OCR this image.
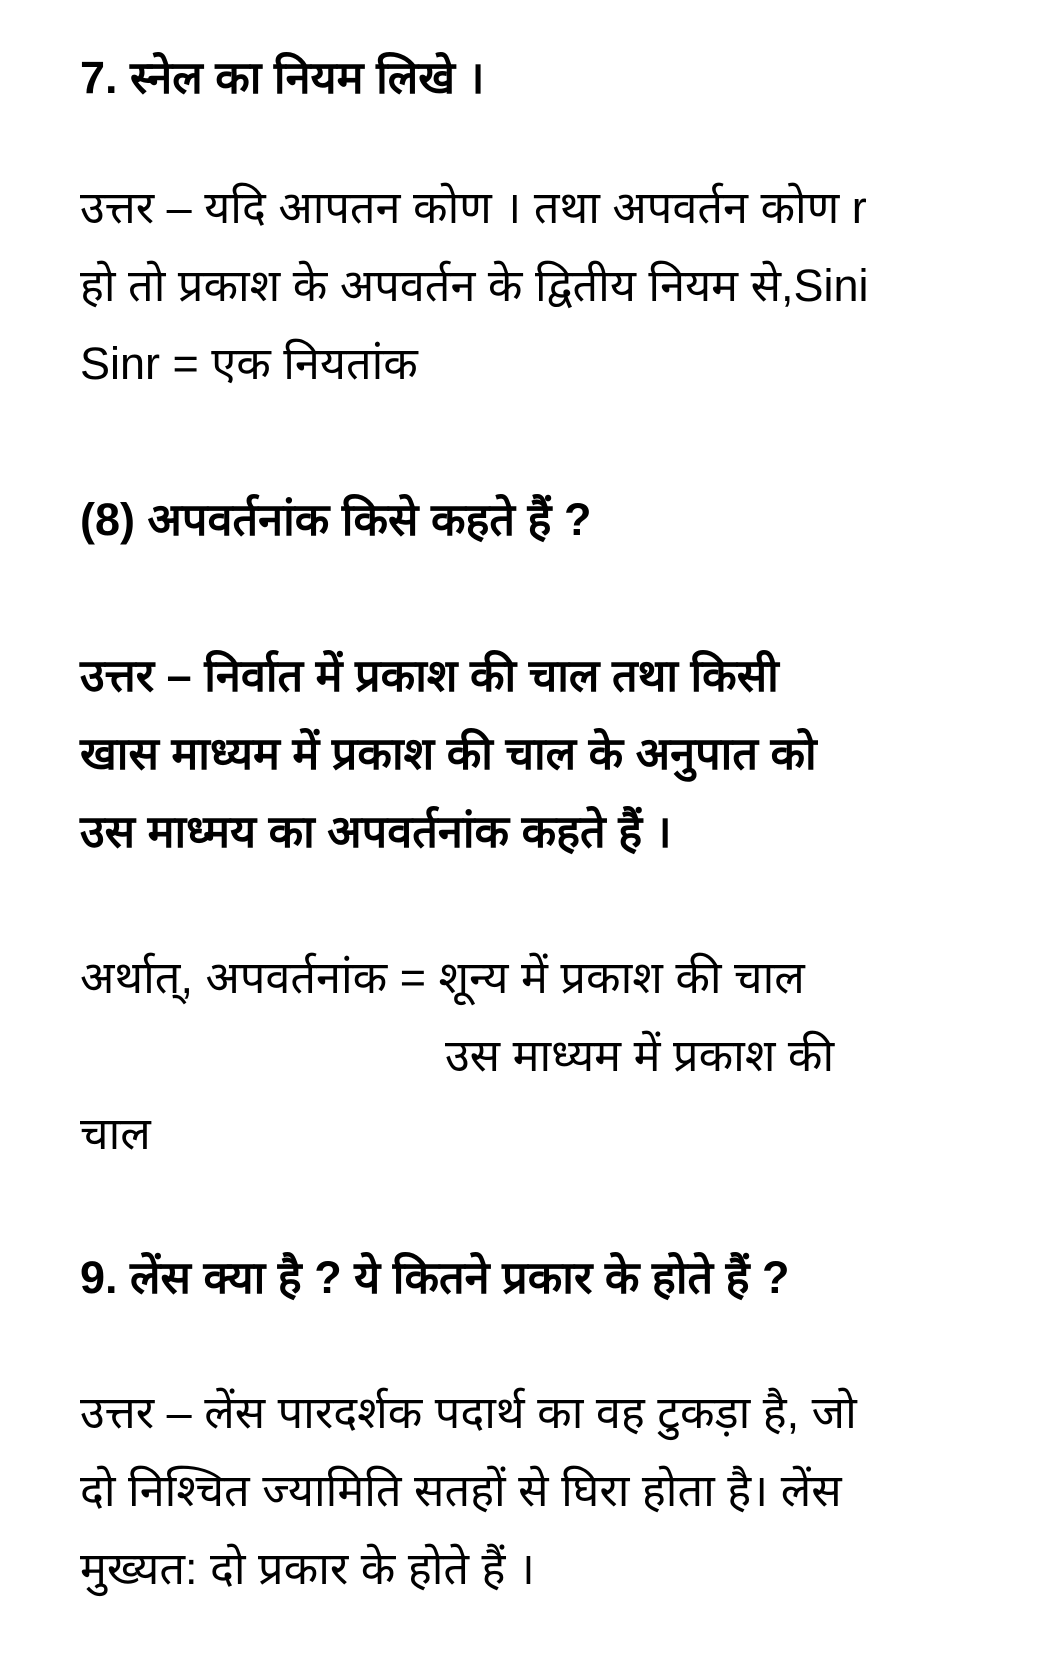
7. स्नेल का नियम लिखे ।
उत्तर – यदि आपतन कोण । तथा अपवर्तन कोण r
हो तो प्रकाश के अपवर्तन के द्वितीय नियम से,Sini
Sinr = एक नियतांक
(8) अपवर्तनांक किसे कहते हैं ?
उत्तर – निर्वात में प्रकाश की चाल तथा किसी
खास माध्यम में प्रकाश की चाल के अनुपात को
उस माध्मय का अपवर्तनांक कहते हैं ।
अर्थात्, अपवर्तनांक = शून्य में प्रकाश की चाल
उस माध्यम में प्रकाश की
चाल
9. लेंस क्या है ? ये कितने प्रकार के होते हैं ?
उत्तर – लेंस पारदर्शक पदार्थ का वह टुकड़ा है, जो
दो निश्चित ज्यामिति सतहों से घिरा होता है। लेंस
मुख्यत: दो प्रकार के होते हैं ।
